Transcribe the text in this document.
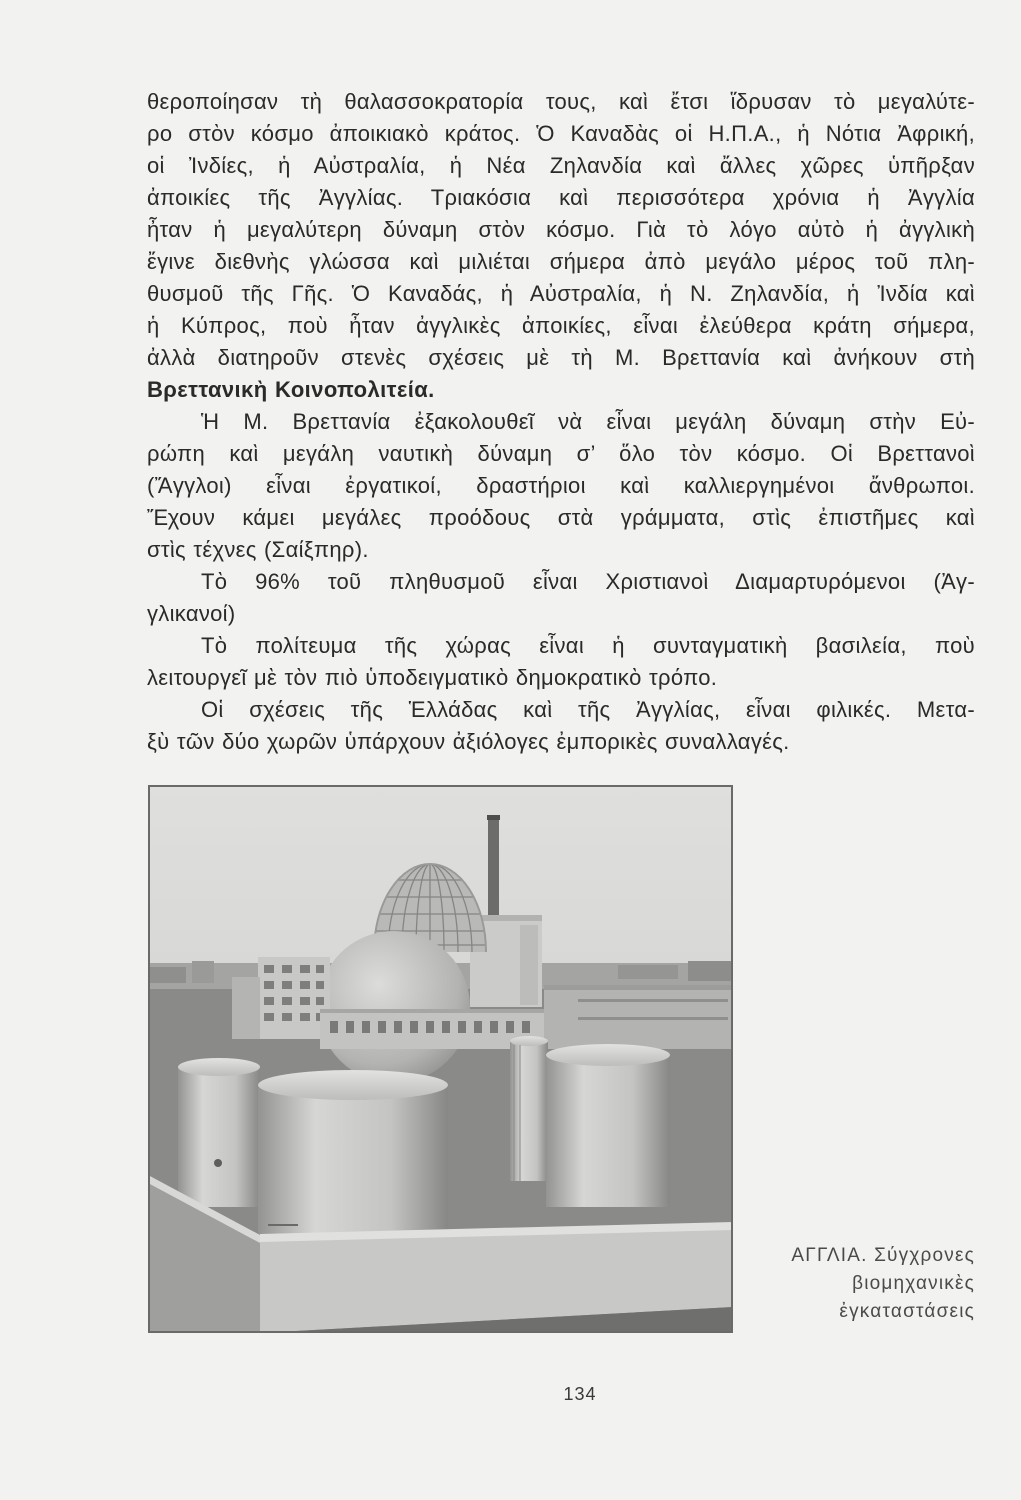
θεροποίησαν τὴ θαλασσοκρατορία τους, καὶ ἔτσι ἵδρυσαν τὸ μεγαλύτε-
ρο στὸν κόσμο ἀποικιακὸ κράτος. Ὁ Καναδὰς οἱ Η.Π.Α., ἡ Νότια Ἀφρική,
οἱ Ἰνδίες, ἡ Αὐστραλία, ἡ Νέα Ζηλανδία καὶ ἄλλες χῶρες ὑπῆρξαν
ἀποικίες τῆς Ἀγγλίας. Τριακόσια καὶ περισσότερα χρόνια ἡ Ἀγγλία
ἦταν ἡ μεγαλύτερη δύναμη στὸν κόσμο. Γιὰ τὸ λόγο αὐτὸ ἡ ἀγγλικὴ
ἔγινε διεθνὴς γλώσσα καὶ μιλιέται σήμερα ἀπὸ μεγάλο μέρος τοῦ πλη-
θυσμοῦ τῆς Γῆς. Ὁ Καναδάς, ἡ Αὐστραλία, ἡ Ν. Ζηλανδία, ἡ Ἰνδία καὶ
ἡ Κύπρος, ποὺ ἦταν ἀγγλικὲς ἀποικίες, εἶναι ἐλεύθερα κράτη σήμερα,
ἀλλὰ διατηροῦν στενὲς σχέσεις μὲ τὴ Μ. Βρεττανία καὶ ἀνήκουν στὴ
Βρεττανικὴ Κοινοπολιτεία.
Ἡ Μ. Βρεττανία ἐξακολουθεῖ νὰ εἶναι μεγάλη δύναμη στὴν Εὐ-
ρώπη καὶ μεγάλη ναυτικὴ δύναμη σ’ ὅλο τὸν κόσμο. Οἱ Βρεττανοὶ
(Ἄγγλοι) εἶναι ἐργατικοί, δραστήριοι καὶ καλλιεργημένοι ἄνθρωποι.
Ἔχουν κάμει μεγάλες προόδους στὰ γράμματα, στὶς ἐπιστῆμες καὶ
στὶς τέχνες (Σαίξπηρ).
Τὸ 96% τοῦ πληθυσμοῦ εἶναι Χριστιανοὶ Διαμαρτυρόμενοι (Ἀγ-
γλικανοί)
Τὸ πολίτευμα τῆς χώρας εἶναι ἡ συνταγματικὴ βασιλεία, ποὺ
λειτουργεῖ μὲ τὸν πιὸ ὑποδειγματικὸ δημοκρατικὸ τρόπο.
Οἱ σχέσεις τῆς Ἑλλάδας καὶ τῆς Ἀγγλίας, εἶναι φιλικές. Μετα-
ξὺ τῶν δύο χωρῶν ὑπάρχουν ἀξιόλογες ἐμπορικὲς συναλλαγές.
ΑΓΓΛΙΑ. Σύγχρονες
βιομηχανικὲς
ἐγκαταστάσεις
134
